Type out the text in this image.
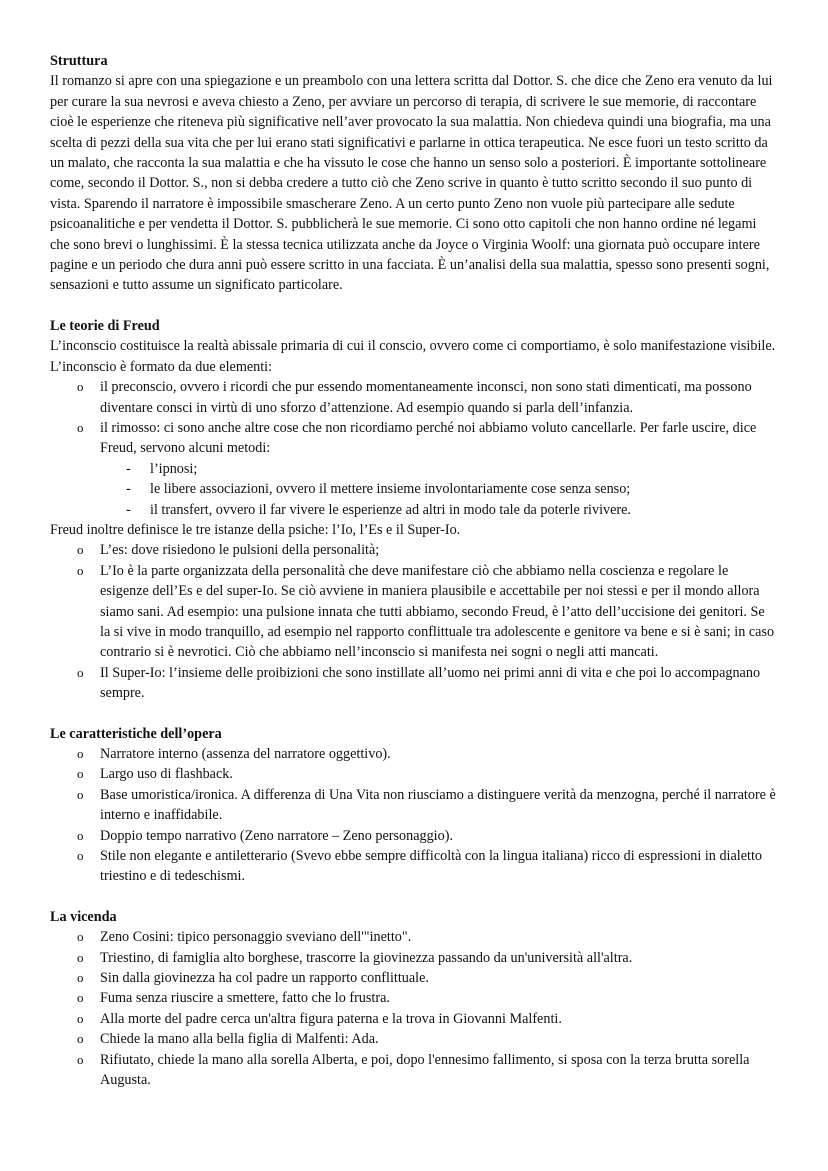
Struttura

Il romanzo si apre con una spiegazione e un preambolo con una lettera scritta dal Dottor. S. che dice che Zeno era venuto da lui per curare la sua nevrosi e aveva chiesto a Zeno, per avviare un percorso di terapia, di scrivere le sue memorie, di raccontare cioè le esperienze che riteneva più significative nell’aver provocato la sua malattia. Non chiedeva quindi una biografia, ma una scelta di pezzi della sua vita che per lui erano stati significativi e parlarne in ottica terapeutica. Ne esce fuori un testo scritto da un malato, che racconta la sua malattia e che ha vissuto le cose che hanno un senso solo a posteriori. È importante sottolineare come, secondo il Dottor. S., non si debba credere a tutto ciò che Zeno scrive in quanto è tutto scritto secondo il suo punto di vista. Sparendo il narratore è impossibile smascherare Zeno. A un certo punto Zeno non vuole più partecipare alle sedute psicoanalitiche e per vendetta il Dottor. S. pubblicherà le sue memorie. Ci sono otto capitoli che non hanno ordine né legami che sono brevi o lunghissimi. È la stessa tecnica utilizzata anche da Joyce o Virginia Woolf: una giornata può occupare intere pagine e un periodo che dura anni può essere scritto in una facciata. È un’analisi della sua malattia, spesso sono presenti sogni, sensazioni e tutto assume un significato particolare.

Le teorie di Freud

L’inconscio costituisce la realtà abissale primaria di cui il conscio, ovvero come ci comportiamo, è solo manifestazione visibile. L’inconscio è formato da due elementi:

o il preconscio, ovvero i ricordi che pur essendo momentaneamente inconsci, non sono stati dimenticati, ma possono diventare consci in virtù di uno sforzo d’attenzione. Ad esempio quando si parla dell’infanzia.
o il rimosso: ci sono anche altre cose che non ricordiamo perché noi abbiamo voluto cancellarle. Per farle uscire, dice Freud, servono alcuni metodi:
- l’ipnosi;
- le libere associazioni, ovvero il mettere insieme involontariamente cose senza senso;
- il transfert, ovvero il far vivere le esperienze ad altri in modo tale da poterle rivivere.

Freud inoltre definisce le tre istanze della psiche: l’Io, l’Es e il Super-Io.

o L’es: dove risiedono le pulsioni della personalità;
o L’Io è la parte organizzata della personalità che deve manifestare ciò che abbiamo nella coscienza e regolare le esigenze dell’Es e del super-Io. Se ciò avviene in maniera plausibile e accettabile per noi stessi e per il mondo allora siamo sani. Ad esempio: una pulsione innata che tutti abbiamo, secondo Freud, è l’atto dell’uccisione dei genitori. Se la si vive in modo tranquillo, ad esempio nel rapporto conflittuale tra adolescente e genitore va bene e si è sani; in caso contrario si è nevrotici. Ciò che abbiamo nell’inconscio si manifesta nei sogni o negli atti mancati.
o Il Super-Io: l’insieme delle proibizioni che sono instillate all’uomo nei primi anni di vita e che poi lo accompagnano sempre.
Le caratteristiche dell’opera
o Narratore interno (assenza del narratore oggettivo).
o Largo uso di flashback.
o Base umoristica/ironica. A differenza di Una Vita non riusciamo a distinguere verità da menzogna, perché il narratore è interno e inaffidabile.
o Doppio tempo narrativo (Zeno narratore – Zeno personaggio).
o Stile non elegante e antiletterario (Svevo ebbe sempre difficoltà con la lingua italiana) ricco di espressioni in dialetto triestino e di tedeschismi.
La vicenda
o Zeno Cosini: tipico personaggio sveviano dell'"inetto".
o Triestino, di famiglia alto borghese, trascorre la giovinezza passando da un'università all'altra.
o Sin dalla giovinezza ha col padre un rapporto conflittuale.
o Fuma senza riuscire a smettere, fatto che lo frustra.
o Alla morte del padre cerca un'altra figura paterna e la trova in Giovanni Malfenti.
o Chiede la mano alla bella figlia di Malfenti: Ada.
o Rifiutato, chiede la mano alla sorella Alberta, e poi, dopo l'ennesimo fallimento, si sposa con la terza brutta sorella Augusta.
